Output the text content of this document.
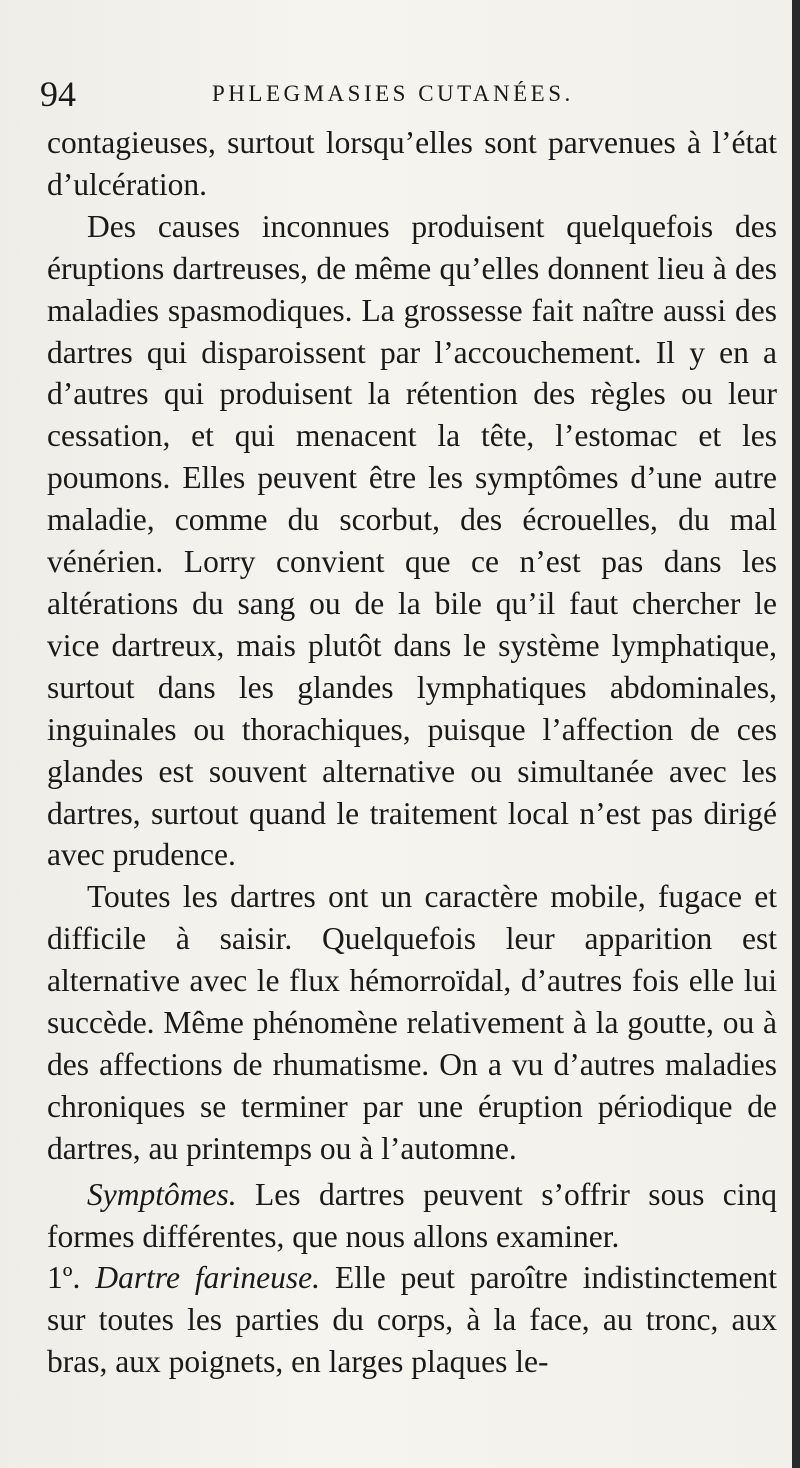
94	PHLEGMASIES CUTANÉES.

contagieuses, surtout lorsqu’elles sont parvenues à l’état d’ulcération.

Des causes inconnues produisent quelquefois des éruptions dartreuses, de même qu’elles donnent lieu à des maladies spasmodiques. La grossesse fait naître aussi des dartres qui disparoissent par l’accouchement. Il y en a d’autres qui produisent la rétention des règles ou leur cessation, et qui menacent la tête, l’estomac et les poumons. Elles peuvent être les symptômes d’une autre maladie, comme du scorbut, des écrouelles, du mal vénérien. Lorry convient que ce n’est pas dans les altérations du sang ou de la bile qu’il faut chercher le vice dartreux, mais plutôt dans le système lymphatique, surtout dans les glandes lymphatiques abdominales, inguinales ou thorachiques, puisque l’affection de ces glandes est souvent alternative ou simultanée avec les dartres, surtout quand le traitement local n’est pas dirigé avec prudence.

Toutes les dartres ont un caractère mobile, fugace et difficile à saisir. Quelquefois leur apparition est alternative avec le flux hémorroïdal, d’autres fois elle lui succède. Même phénomène relativement à la goutte, ou à des affections de rhumatisme. On a vu d’autres maladies chroniques se terminer par une éruption périodique de dartres, au printemps ou à l’automne.

Symptômes. Les dartres peuvent s’offrir sous cinq formes différentes, que nous allons examiner.

1º. Dartre farineuse. Elle peut paroître indistinctement sur toutes les parties du corps, à la face, au tronc, aux bras, aux poignets, en larges plaques le-
